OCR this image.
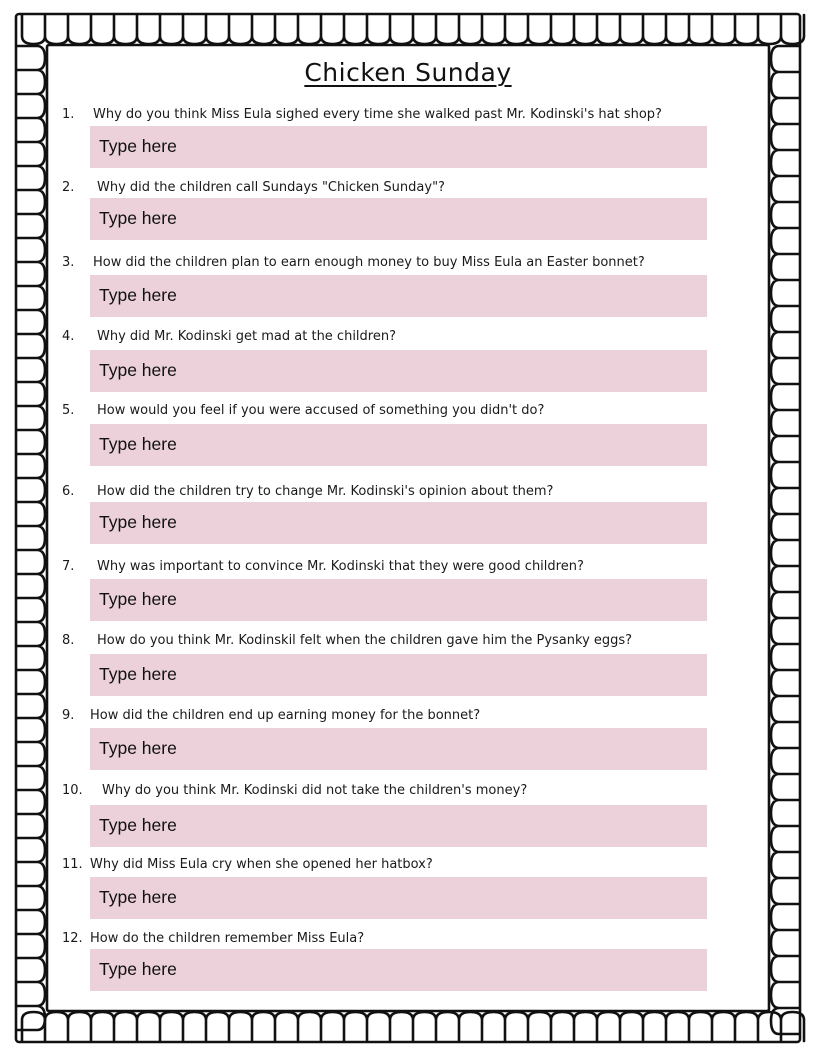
Chicken Sunday
1. Why do you think Miss Eula sighed every time she walked past Mr. Kodinski's hat shop?
Type here
2. Why did the children call Sundays "Chicken Sunday"?
Type here
3. How did the children plan to earn enough money to buy Miss Eula an Easter bonnet?
Type here
4. Why did Mr. Kodinski get mad at the children?
Type here
5. How would you feel if you were accused of something you didn't do?
Type here
6. How did the children try to change Mr. Kodinski's opinion about them?
Type here
7. Why was important to convince Mr. Kodinski that they were good children?
Type here
8. How do you think Mr. Kodinskil felt when the children gave him the Pysanky eggs?
Type here
9. How did the children end up earning money for the bonnet?
Type here
10. Why do you think Mr. Kodinski did not take the children's money?
Type here
11. Why did Miss Eula cry when she opened her hatbox?
Type here
12. How do the children remember Miss Eula?
Type here
